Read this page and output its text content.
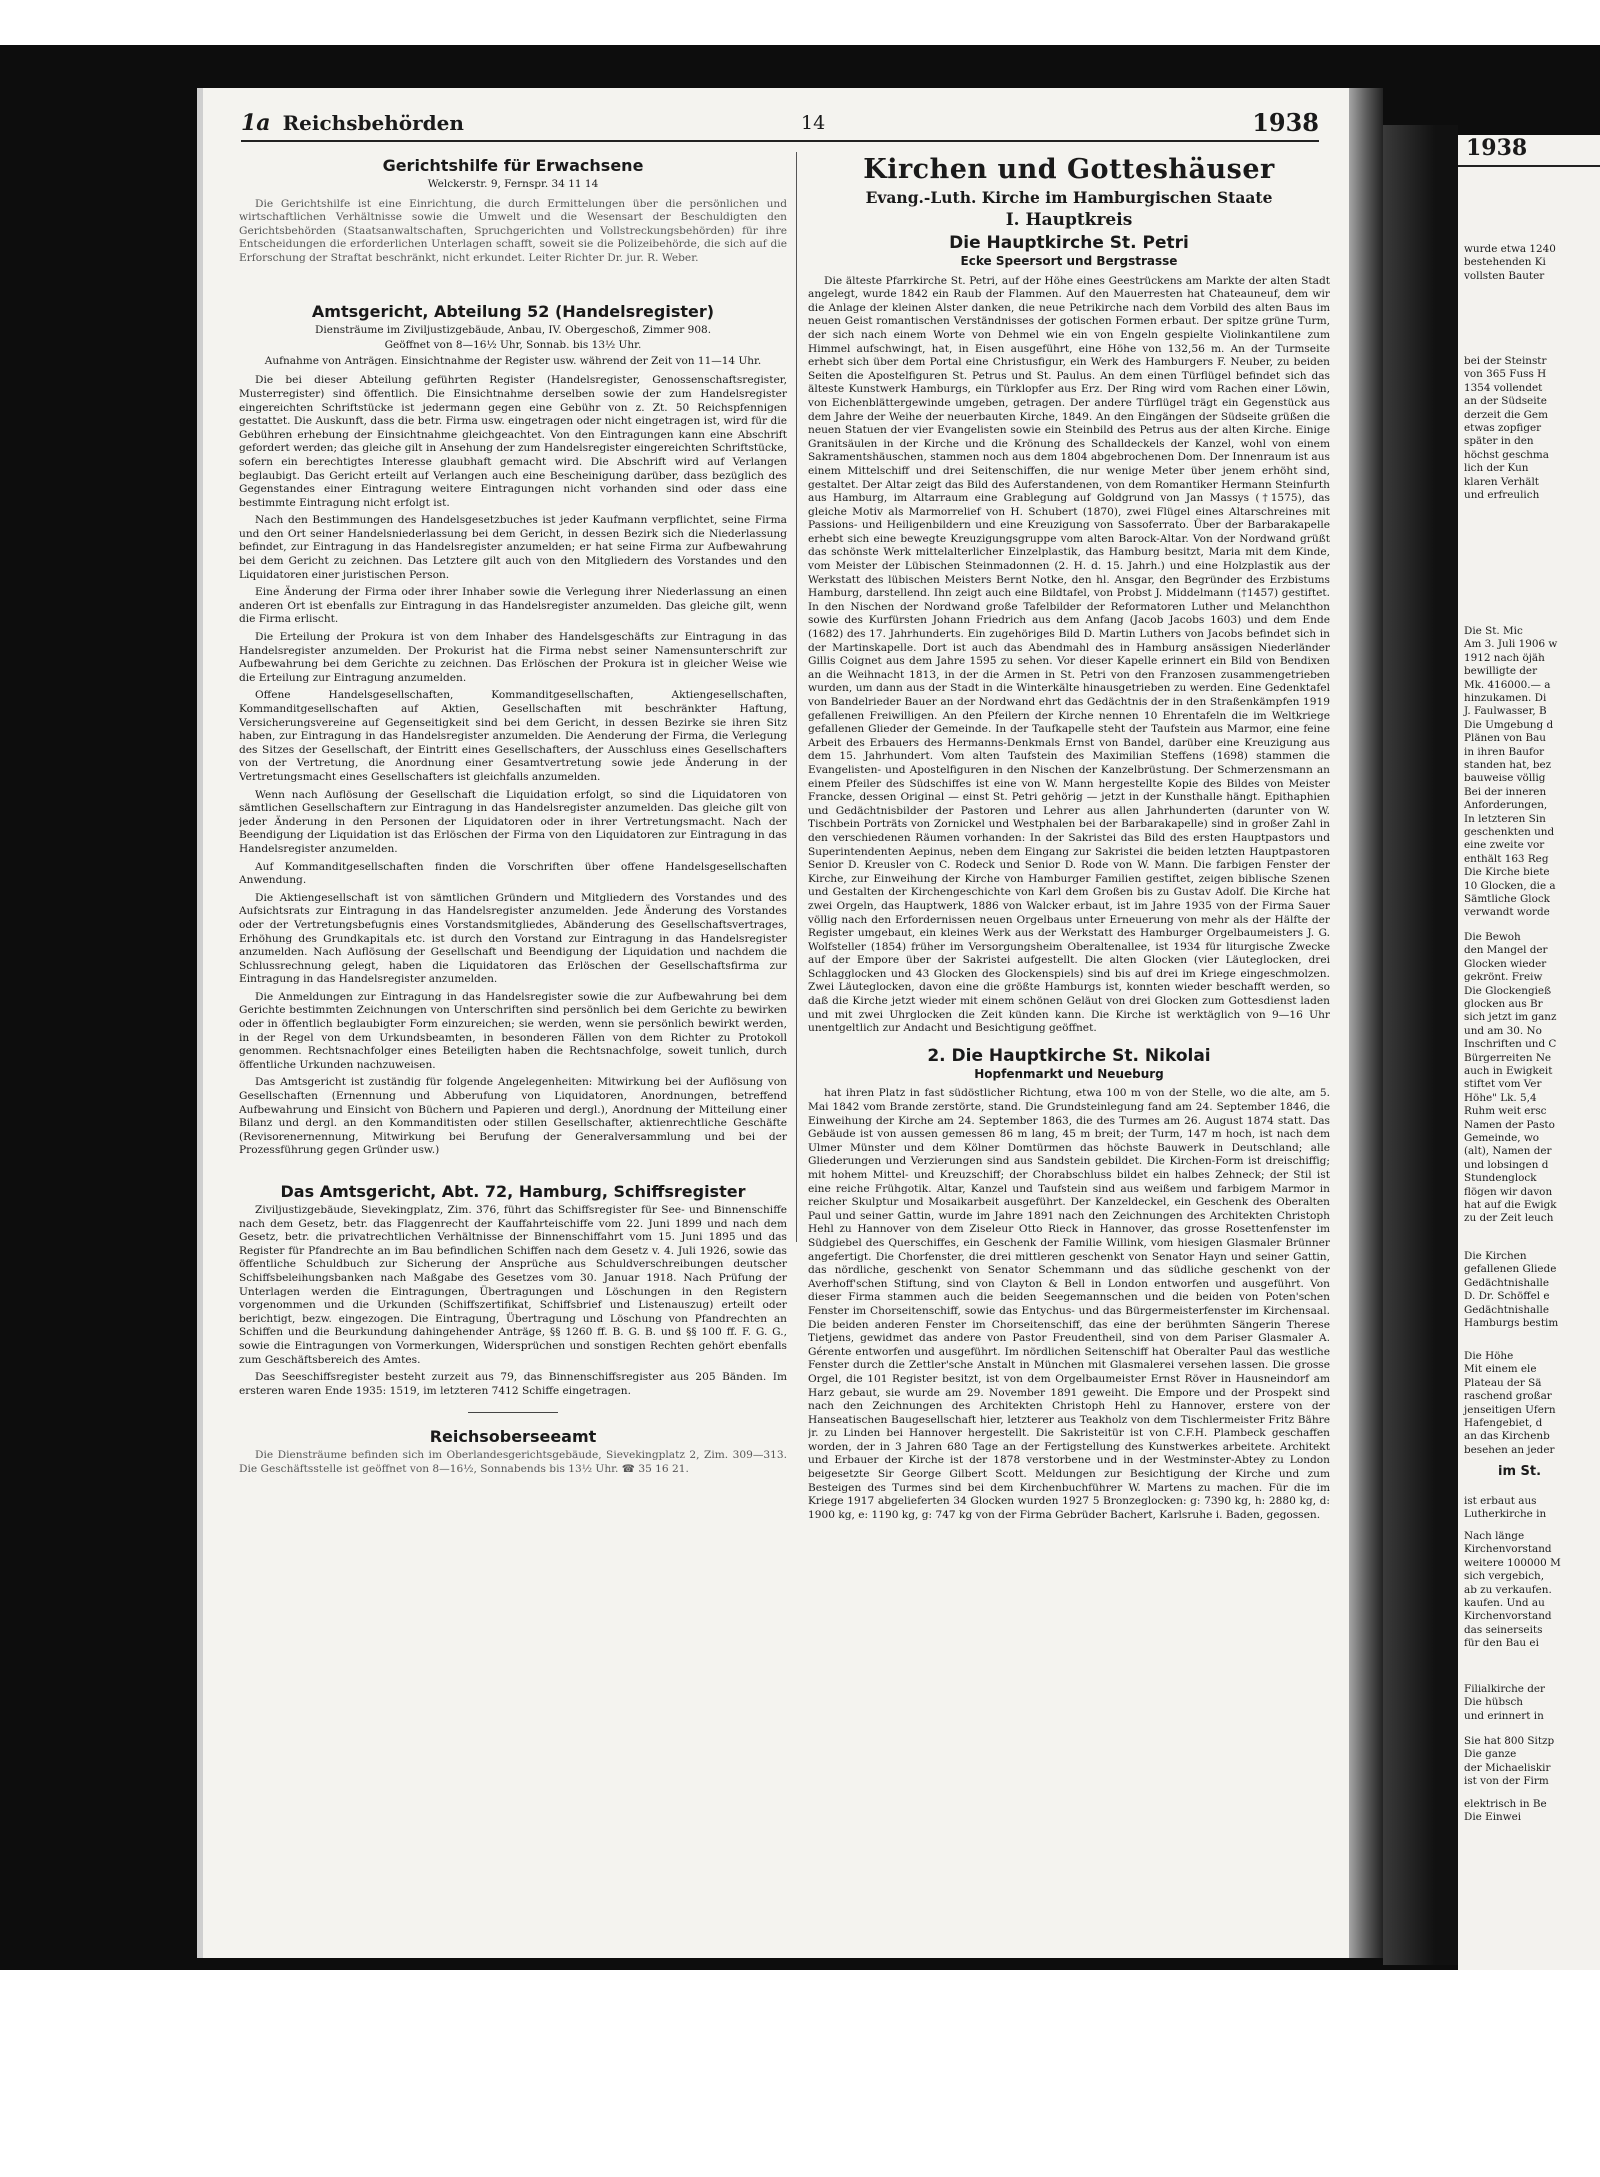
1a Reichsbehörden	14	1938
Gerichtshilfe für Erwachsene
Welckerstr. 9, Fernspr. 34 11 14

Die Gerichtshilfe ist eine Einrichtung, die durch Ermittelungen über die persönlichen und wirtschaftlichen Verhältnisse sowie die Umwelt und die Wesensart der Beschuldigten den Gerichtsbehörden (Staatsanwaltschaften, Spruchgerichten und Vollstreckungsbehörden) für ihre Entscheidungen die erforderlichen Unterlagen schafft, soweit sie die Polizeibehörde, die sich auf die Erforschung der Straftat beschränkt, nicht erkundet. Leiter Richter Dr. jur. R. Weber.

Amtsgericht, Abteilung 52 (Handelsregister)
Diensträume im Ziviljustizgebäude, Anbau, IV. Obergeschoß, Zimmer 908.
Geöffnet von 8—16½ Uhr, Sonnab. bis 13½ Uhr.
Aufnahme von Anträgen. Einsichtnahme der Register usw. während der Zeit von 11—14 Uhr.

Die bei dieser Abteilung geführten Register (Handelsregister, Genossenschaftsregister, Musterregister) sind öffentlich. Die Einsichtnahme derselben sowie der zum Handelsregister eingereichten Schriftstücke ist jedermann gegen eine Gebühr von z. Zt. 50 Reichspfennigen gestattet. Die Auskunft, dass die betr. Firma usw. eingetragen oder nicht eingetragen ist, wird für die Gebühren erhebung der Einsichtnahme gleichgeachtet. Von den Eintragungen kann eine Abschrift gefordert werden; das gleiche gilt in Ansehung der zum Handelsregister eingereichten Schriftstücke, sofern ein berechtigtes Interesse glaubhaft gemacht wird. Die Abschrift wird auf Verlangen beglaubigt. Das Gericht erteilt auf Verlangen auch eine Bescheinigung darüber, dass bezüglich des Gegenstandes einer Eintragung weitere Eintragungen nicht vorhanden sind oder dass eine bestimmte Eintragung nicht erfolgt ist.

Nach den Bestimmungen des Handelsgesetzbuches ist jeder Kaufmann verpflichtet, seine Firma und den Ort seiner Handelsniederlassung bei dem Gericht, in dessen Bezirk sich die Niederlassung befindet, zur Eintragung in das Handelsregister anzumelden; er hat seine Firma zur Aufbewahrung bei dem Gericht zu zeichnen. Das Letztere gilt auch von den Mitgliedern des Vorstandes und den Liquidatoren einer juristischen Person.

Eine Änderung der Firma oder ihrer Inhaber sowie die Verlegung ihrer Niederlassung an einen anderen Ort ist ebenfalls zur Eintragung in das Handelsregister anzumelden. Das gleiche gilt, wenn die Firma erlischt.

Die Erteilung der Prokura ist von dem Inhaber des Handelsgeschäfts zur Eintragung in das Handelsregister anzumelden. Der Prokurist hat die Firma nebst seiner Namensunterschrift zur Aufbewahrung bei dem Gerichte zu zeichnen. Das Erlöschen der Prokura ist in gleicher Weise wie die Erteilung zur Eintragung anzumelden.

Offene Handelsgesellschaften, Kommanditgesellschaften, Aktiengesellschaften, Kommanditgesellschaften auf Aktien, Gesellschaften mit beschränkter Haftung, Versicherungsvereine auf Gegenseitigkeit sind bei dem Gericht, in dessen Bezirke sie ihren Sitz haben, zur Eintragung in das Handelsregister anzumelden. Die Aenderung der Firma, die Verlegung des Sitzes der Gesellschaft, der Eintritt eines Gesellschafters, der Ausschluss eines Gesellschafters von der Vertretung, die Anordnung einer Gesamtvertretung sowie jede Änderung in der Vertretungsmacht eines Gesellschafters ist gleichfalls anzumelden.

Wenn nach Auflösung der Gesellschaft die Liquidation erfolgt, so sind die Liquidatoren von sämtlichen Gesellschaftern zur Eintragung in das Handelsregister anzumelden. Das gleiche gilt von jeder Änderung in den Personen der Liquidatoren oder in ihrer Vertretungsmacht. Nach der Beendigung der Liquidation ist das Erlöschen der Firma von den Liquidatoren zur Eintragung in das Handelsregister anzumelden.

Auf Kommanditgesellschaften finden die Vorschriften über offene Handelsgesellschaften Anwendung.

Die Aktiengesellschaft ist von sämtlichen Gründern und Mitgliedern des Vorstandes und des Aufsichtsrats zur Eintragung in das Handelsregister anzumelden. Jede Änderung des Vorstandes oder der Vertretungsbefugnis eines Vorstandsmitgliedes, Abänderung des Gesellschaftsvertrages, Erhöhung des Grundkapitals etc. ist durch den Vorstand zur Eintragung in das Handelsregister anzumelden. Nach Auflösung der Gesellschaft und Beendigung der Liquidation und nachdem die Schlussrechnung gelegt, haben die Liquidatoren das Erlöschen der Gesellschaftsfirma zur Eintragung in das Handelsregister anzumelden.

Die Anmeldungen zur Eintragung in das Handelsregister sowie die zur Aufbewahrung bei dem Gerichte bestimmten Zeichnungen von Unterschriften sind persönlich bei dem Gerichte zu bewirken oder in öffentlich beglaubigter Form einzureichen; sie werden, wenn sie persönlich bewirkt werden, in der Regel von dem Urkundsbeamten, in besonderen Fällen von dem Richter zu Protokoll genommen. Rechtsnachfolger eines Beteiligten haben die Rechtsnachfolge, soweit tunlich, durch öffentliche Urkunden nachzuweisen.

Das Amtsgericht ist zuständig für folgende Angelegenheiten: Mitwirkung bei der Auflösung von Gesellschaften (Ernennung und Abberufung von Liquidatoren, Anordnungen, betreffend Aufbewahrung und Einsicht von Büchern und Papieren und dergl.), Anordnung der Mitteilung einer Bilanz und dergl. an den Kommanditisten oder stillen Gesellschafter, aktienrechtliche Geschäfte (Revisorenernennung, Mitwirkung bei Berufung der Generalversammlung und bei der Prozessführung gegen Gründer usw.)

Das Amtsgericht, Abt. 72, Hamburg, Schiffsregister

Ziviljustizgebäude, Sievekingplatz, Zim. 376, führt das Schiffsregister für See- und Binnenschiffe nach dem Gesetz, betr. das Flaggenrecht der Kauffahrteischiffe vom 22. Juni 1899 und nach dem Gesetz, betr. die privatrechtlichen Verhältnisse der Binnenschiffahrt vom 15. Juni 1895 und das Register für Pfandrechte an im Bau befindlichen Schiffen nach dem Gesetz v. 4. Juli 1926, sowie das öffentliche Schuldbuch zur Sicherung der Ansprüche aus Schuldverschreibungen deutscher Schiffsbeleihungsbanken nach Maßgabe des Gesetzes vom 30. Januar 1918. Nach Prüfung der Unterlagen werden die Eintragungen, Übertragungen und Löschungen in den Registern vorgenommen und die Urkunden (Schiffszertifikat, Schiffsbrief und Listenauszug) erteilt oder berichtigt, bezw. eingezogen. Die Eintragung, Übertragung und Löschung von Pfandrechten an Schiffen und die Beurkundung dahingehender Anträge, §§ 1260 ff. B. G. B. und §§ 100 ff. F. G. G., sowie die Eintragungen von Vormerkungen, Widersprüchen und sonstigen Rechten gehört ebenfalls zum Geschäftsbereich des Amtes.

Das Seeschiffsregister besteht zurzeit aus 79, das Binnenschiffsregister aus 205 Bänden. Im ersteren waren Ende 1935: 1519, im letzteren 7412 Schiffe eingetragen.

Reichsoberseeamt

Die Diensträume befinden sich im Oberlandesgerichtsgebäude, Sievekingplatz 2, Zim. 309—313. Die Geschäftsstelle ist geöffnet von 8—16½, Sonnabends bis 13½ Uhr. ☎ 35 16 21.

Kirchen und Gotteshäuser
Evang.-Luth. Kirche im Hamburgischen Staate
I. Hauptkreis
Die Hauptkirche St. Petri
Ecke Speersort und Bergstrasse

Die älteste Pfarrkirche St. Petri, auf der Höhe eines Geestrückens am Markte der alten Stadt angelegt, wurde 1842 ein Raub der Flammen. Auf den Mauerresten hat Chateauneuf, dem wir die Anlage der kleinen Alster danken, die neue Petrikirche nach dem Vorbild des alten Baus im neuen Geist romantischen Verständnisses der gotischen Formen erbaut. Der spitze grüne Turm, der sich nach einem Worte von Dehmel wie ein von Engeln gespielte Violinkantilene zum Himmel aufschwingt, hat, in Eisen ausgeführt, eine Höhe von 132,56 m. An der Turmseite erhebt sich über dem Portal eine Christusfigur, ein Werk des Hamburgers F. Neuber, zu beiden Seiten die Apostelfiguren St. Petrus und St. Paulus. An dem einen Türflügel befindet sich das älteste Kunstwerk Hamburgs, ein Türklopfer aus Erz. Der Ring wird vom Rachen einer Löwin, von Eichenblättergewinde umgeben, getragen. Der andere Türflügel trägt ein Gegenstück aus dem Jahre der Weihe der neuerbauten Kirche, 1849. An den Eingängen der Südseite grüßen die neuen Statuen der vier Evangelisten sowie ein Steinbild des Petrus aus der alten Kirche. Einige Granitsäulen in der Kirche und die Krönung des Schalldeckels der Kanzel, wohl von einem Sakramentshäuschen, stammen noch aus dem 1804 abgebrochenen Dom. Der Innenraum ist aus einem Mittelschiff und drei Seitenschiffen, die nur wenige Meter über jenem erhöht sind, gestaltet. Der Altar zeigt das Bild des Auferstandenen, von dem Romantiker Hermann Steinfurth aus Hamburg, im Altarraum eine Grablegung auf Goldgrund von Jan Massys (†1575), das gleiche Motiv als Marmorrelief von H. Schubert (1870), zwei Flügel eines Altarschreines mit Passions- und Heiligenbildern und eine Kreuzigung von Sassoferrato. Über der Barbarakapelle erhebt sich eine bewegte Kreuzigungsgruppe vom alten Barock-Altar. Von der Nordwand grüßt das schönste Werk mittelalterlicher Einzelplastik, das Hamburg besitzt, Maria mit dem Kinde, vom Meister der Lübischen Steinmadonnen (2. H. d. 15. Jahrh.) und eine Holzplastik aus der Werkstatt des lübischen Meisters Bernt Notke, den hl. Ansgar, den Begründer des Erzbistums Hamburg, darstellend. Ihn zeigt auch eine Bildtafel, von Probst J. Middelmann (†1457) gestiftet. In den Nischen der Nordwand große Tafelbilder der Reformatoren Luther und Melanchthon sowie des Kurfürsten Johann Friedrich aus dem Anfang (Jacob Jacobs 1603) und dem Ende (1682) des 17. Jahrhunderts. Ein zugehöriges Bild D. Martin Luthers von Jacobs befindet sich in der Martinskapelle. Dort ist auch das Abendmahl des in Hamburg ansässigen Niederländer Gillis Coignet aus dem Jahre 1595 zu sehen. Vor dieser Kapelle erinnert ein Bild von Bendixen an die Weihnacht 1813, in der die Armen in St. Petri von den Franzosen zusammengetrieben wurden, um dann aus der Stadt in die Winterkälte hinausgetrieben zu werden. Eine Gedenktafel von Bandelrieder Bauer an der Nordwand ehrt das Gedächtnis der in den Straßenkämpfen 1919 gefallenen Freiwilligen. An den Pfeilern der Kirche nennen 10 Ehrentafeln die im Weltkriege gefallenen Glieder der Gemeinde. In der Taufkapelle steht der Taufstein aus Marmor, eine feine Arbeit des Erbauers des Hermanns-Denkmals Ernst von Bandel, darüber eine Kreuzigung aus dem 15. Jahrhundert. Vom alten Taufstein des Maximilian Steffens (1698) stammen die Evangelisten- und Apostelfiguren in den Nischen der Kanzelbrüstung. Der Schmerzensmann an einem Pfeiler des Südschiffes ist eine von W. Mann hergestellte Kopie des Bildes von Meister Francke, dessen Original — einst St. Petri gehörig — jetzt in der Kunsthalle hängt. Epithaphien und Gedächtnisbilder der Pastoren und Lehrer aus allen Jahrhunderten (darunter von W. Tischbein Porträts von Zornickel und Westphalen bei der Barbarakapelle) sind in großer Zahl in den verschiedenen Räumen vorhanden: In der Sakristei das Bild des ersten Hauptpastors und Superintendenten Aepinus, neben dem Eingang zur Sakristei die beiden letzten Hauptpastoren Senior D. Kreusler von C. Rodeck und Senior D. Rode von W. Mann. Die farbigen Fenster der Kirche, zur Einweihung der Kirche von Hamburger Familien gestiftet, zeigen biblische Szenen und Gestalten der Kirchengeschichte von Karl dem Großen bis zu Gustav Adolf. Die Kirche hat zwei Orgeln, das Hauptwerk, 1886 von Walcker erbaut, ist im Jahre 1935 von der Firma Sauer völlig nach den Erfordernissen neuen Orgelbaus unter Erneuerung von mehr als der Hälfte der Register umgebaut, ein kleines Werk aus der Werkstatt des Hamburger Orgelbaumeisters J. G. Wolfsteller (1854) früher im Versorgungsheim Oberaltenallee, ist 1934 für liturgische Zwecke auf der Empore über der Sakristei aufgestellt. Die alten Glocken (vier Läuteglocken, drei Schlagglocken und 43 Glocken des Glockenspiels) sind bis auf drei im Kriege eingeschmolzen. Zwei Läuteglocken, davon eine die größte Hamburgs ist, konnten wieder beschafft werden, so daß die Kirche jetzt wieder mit einem schönen Geläut von drei Glocken zum Gottesdienst laden und mit zwei Uhrglocken die Zeit künden kann. Die Kirche ist werktäglich von 9—16 Uhr unentgeltlich zur Andacht und Besichtigung geöffnet.

2. Die Hauptkirche St. Nikolai
Hopfenmarkt und Neueburg

hat ihren Platz in fast südöstlicher Richtung, etwa 100 m von der Stelle, wo die alte, am 5. Mai 1842 vom Brande zerstörte, stand. Die Grundsteinlegung fand am 24. September 1846, die Einweihung der Kirche am 24. September 1863, die des Turmes am 26. August 1874 statt. Das Gebäude ist von aussen gemessen 86 m lang, 45 m breit; der Turm, 147 m hoch, ist nach dem Ulmer Münster und dem Kölner Domtürmen das höchste Bauwerk in Deutschland; alle Gliederungen und Verzierungen sind aus Sandstein gebildet. Die Kirchen-Form ist dreischiffig; mit hohem Mittel- und Kreuzschiff; der Chorabschluss bildet ein halbes Zehneck; der Stil ist eine reiche Frühgotik. Altar, Kanzel und Taufstein sind aus weißem und farbigem Marmor in reicher Skulptur und Mosaikarbeit ausgeführt. Der Kanzeldeckel, ein Geschenk des Oberalten Paul und seiner Gattin, wurde im Jahre 1891 nach den Zeichnungen des Architekten Christoph Hehl zu Hannover von dem Ziseleur Otto Rieck in Hannover, das grosse Rosettenfenster im Südgiebel des Querschiffes, ein Geschenk der Familie Willink, vom hiesigen Glasmaler Brünner angefertigt. Die Chorfenster, die drei mittleren geschenkt von Senator Hayn und seiner Gattin, das nördliche, geschenkt von Senator Schemmann und das südliche geschenkt von der Averhoff'schen Stiftung, sind von Clayton & Bell in London entworfen und ausgeführt. Von dieser Firma stammen auch die beiden Seegemannschen und die beiden von Poten'schen Fenster im Chorseitenschiff, sowie das Entychus- und das Bürgermeisterfenster im Kirchensaal. Die beiden anderen Fenster im Chorseitenschiff, das eine der berühmten Sängerin Therese Tietjens, gewidmet das andere von Pastor Freudentheil, sind von dem Pariser Glasmaler A. Gérente entworfen und ausgeführt. Im nördlichen Seitenschiff hat Oberalter Paul das westliche Fenster durch die Zettler'sche Anstalt in München mit Glasmalerei versehen lassen. Die grosse Orgel, die 101 Register besitzt, ist von dem Orgelbaumeister Ernst Röver in Hausneindorf am Harz gebaut, sie wurde am 29. November 1891 geweiht. Die Empore und der Prospekt sind nach den Zeichnungen des Architekten Christoph Hehl zu Hannover, erstere von der Hanseatischen Baugesellschaft hier, letzterer aus Teakholz von dem Tischlermeister Fritz Bähre jr. zu Linden bei Hannover hergestellt. Die Sakristeitür ist von C.F.H. Plambeck geschaffen worden, der in 3 Jahren 680 Tage an der Fertigstellung des Kunstwerkes arbeitete. Architekt und Erbauer der Kirche ist der 1878 verstorbene und in der Westminster-Abtey zu London beigesetzte Sir George Gilbert Scott. Meldungen zur Besichtigung der Kirche und zum Besteigen des Turmes sind bei dem Kirchenbuchführer W. Martens zu machen. Für die im Kriege 1917 abgelieferten 34 Glocken wurden 1927 5 Bronzeglocken: g: 7390 kg, h: 2880 kg, d: 1900 kg, e: 1190 kg, g: 747 kg von der Firma Gebrüder Bachert, Karlsruhe i. Baden, gegossen.

1938
wurde etwa 1240
bestehenden Ki
vollsten Bauter
bei der Steinstr
von 365 Fuss H
1354 vollendet
an der Südseite
derzeit die Gem
etwas zopfiger
später in den
höchst geschma
lich der Kun
klaren Verhält
und erfreulich
Die St. Mic
Am 3. Juli 1906 w
1912 nach öjäh
bewilligte der
Mk. 416000.— a
hinzukamen. Di
J. Faulwasser, B
Die Umgebung d
Plänen von Bau
in ihren Baufor
standen hat, bez
bauweise völlig
Bei der inneren
Anforderungen,
In letzteren Sin
geschenkten und
eine zweite vor
enthält 163 Reg
Die Kirche biete
10 Glocken, die a
Sämtliche Glock
verwandt worde
Die Bewoh
den Mangel der
Glocken wieder
gekrönt. Freiw
Die Glockengieß
glocken aus Br
sich jetzt im ganz
und am 30. No
Inschriften und C
Bürgerreiten Ne
auch in Ewigkeit
stiftet vom Ver
Höhe" Lk. 5,4
Ruhm weit ersc
Namen der Pasto
Gemeinde, wo
(alt), Namen der
und lobsingen d
Stundenglock
flögen wir davon
hat auf die Ewigk
zu der Zeit leuch
Die Kirchen
gefallenen Gliede
Gedächtnishalle
D. Dr. Schöffel e
Gedächtnishalle
Hamburgs bestim
Die Höhe
Mit einem ele
Plateau der Sä
raschend großar
jenseitigen Ufern
Hafengebiet, d
an das Kirchenb
besehen an jeder
im St.
ist erbaut aus
Lutherkirche in
Nach länge
Kirchenvorstand
weitere 100000 M
sich vergebich,
ab zu verkaufen.
kaufen. Und au
Kirchenvorstand
das seinerseits
für den Bau ei
Filialkirche der
Die hübsch
und erinnert in
Sie hat 800 Sitzp
Die ganze
der Michaeliskir
ist von der Firm
elektrisch in Be
Die Einwei
